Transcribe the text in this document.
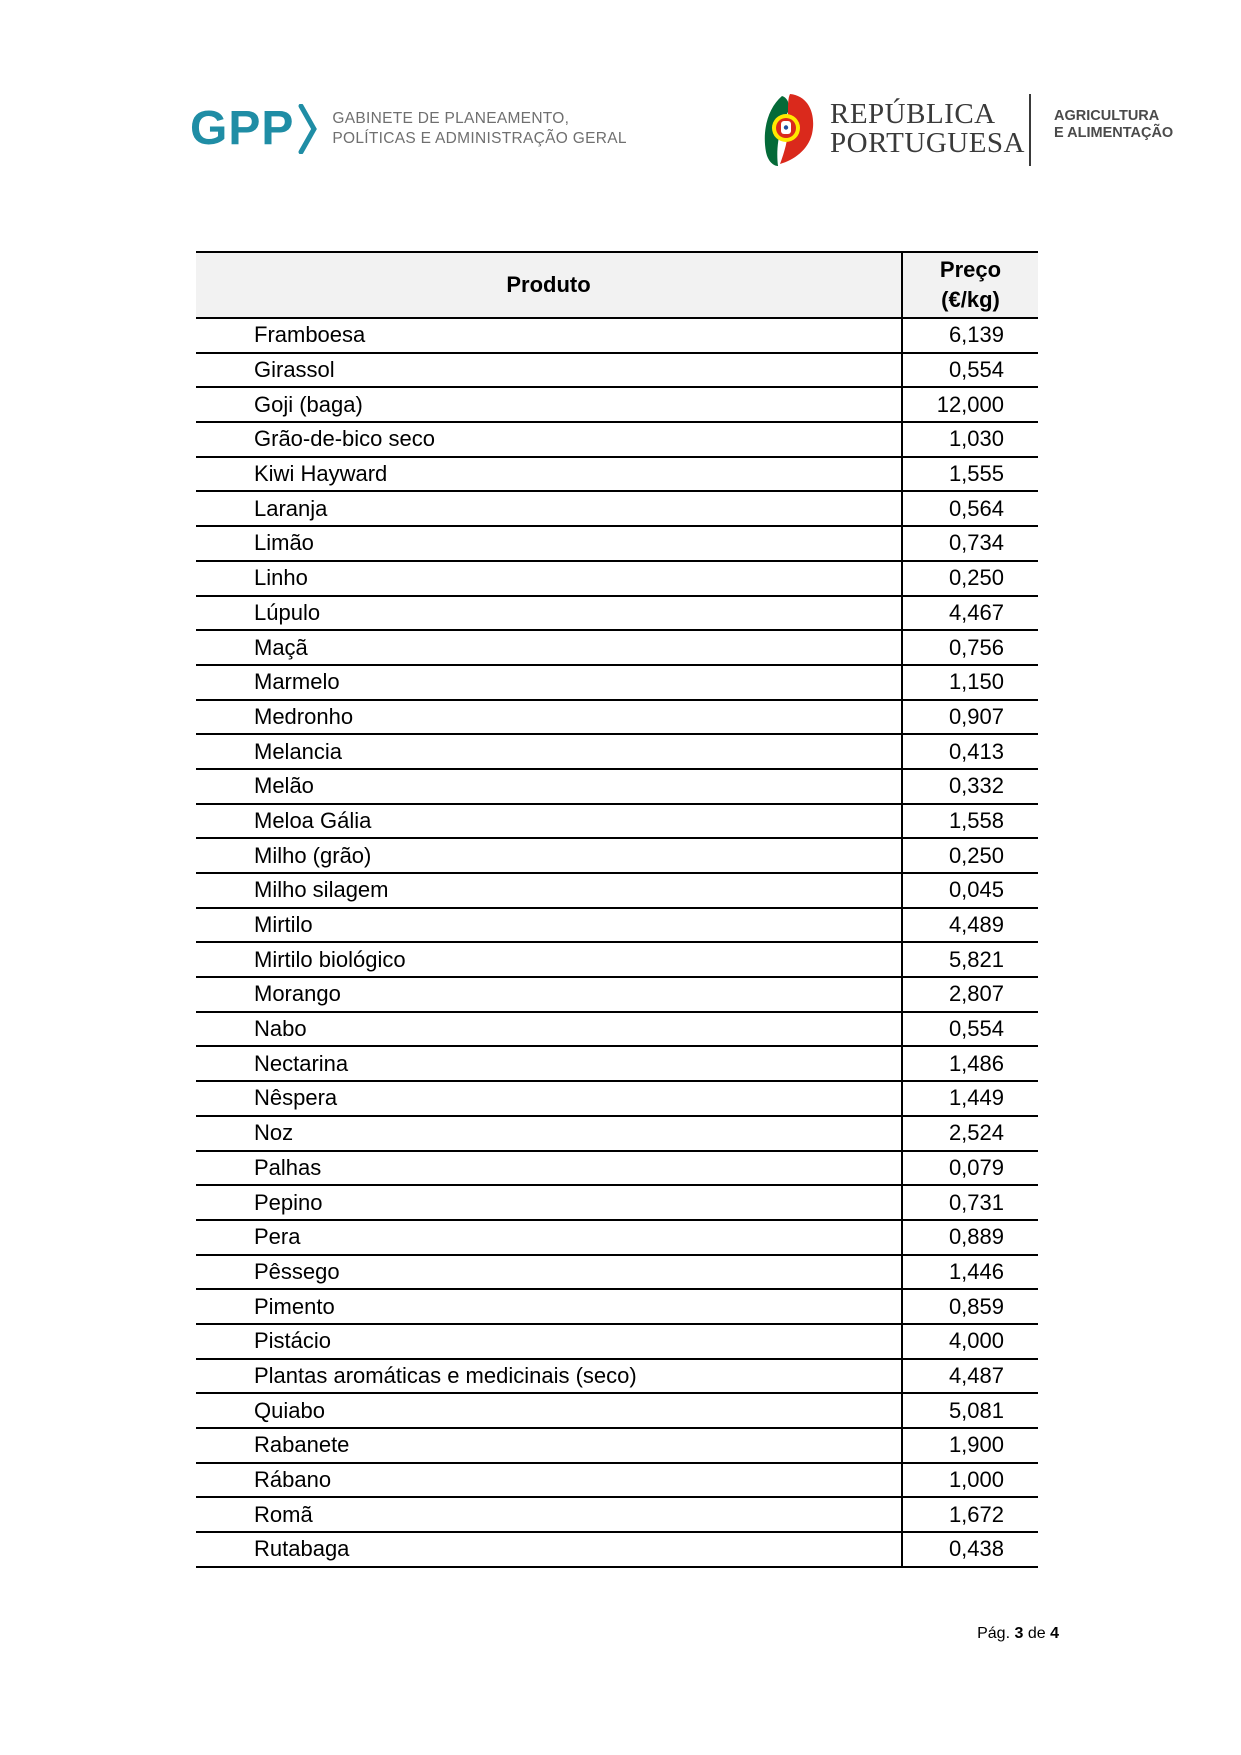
GPP GABINETE DE PLANEAMENTO,
POLÍTICAS E ADMINISTRAÇÃO GERAL
REPÚBLICA
PORTUGUESA
AGRICULTURA
E ALIMENTAÇÃO
Produto	Preço
(€/kg)
Framboesa	6,139
Girassol	0,554
Goji (baga)	12,000
Grão-de-bico seco	1,030
Kiwi Hayward	1,555
Laranja	0,564
Limão	0,734
Linho	0,250
Lúpulo	4,467
Maçã	0,756
Marmelo	1,150
Medronho	0,907
Melancia	0,413
Melão	0,332
Meloa Gália	1,558
Milho (grão)	0,250
Milho silagem	0,045
Mirtilo	4,489
Mirtilo biológico	5,821
Morango	2,807
Nabo	0,554
Nectarina	1,486
Nêspera	1,449
Noz	2,524
Palhas	0,079
Pepino	0,731
Pera	0,889
Pêssego	1,446
Pimento	0,859
Pistácio	4,000
Plantas aromáticas e medicinais (seco)	4,487
Quiabo	5,081
Rabanete	1,900
Rábano	1,000
Romã	1,672
Rutabaga	0,438
Pág. 3 de 4
